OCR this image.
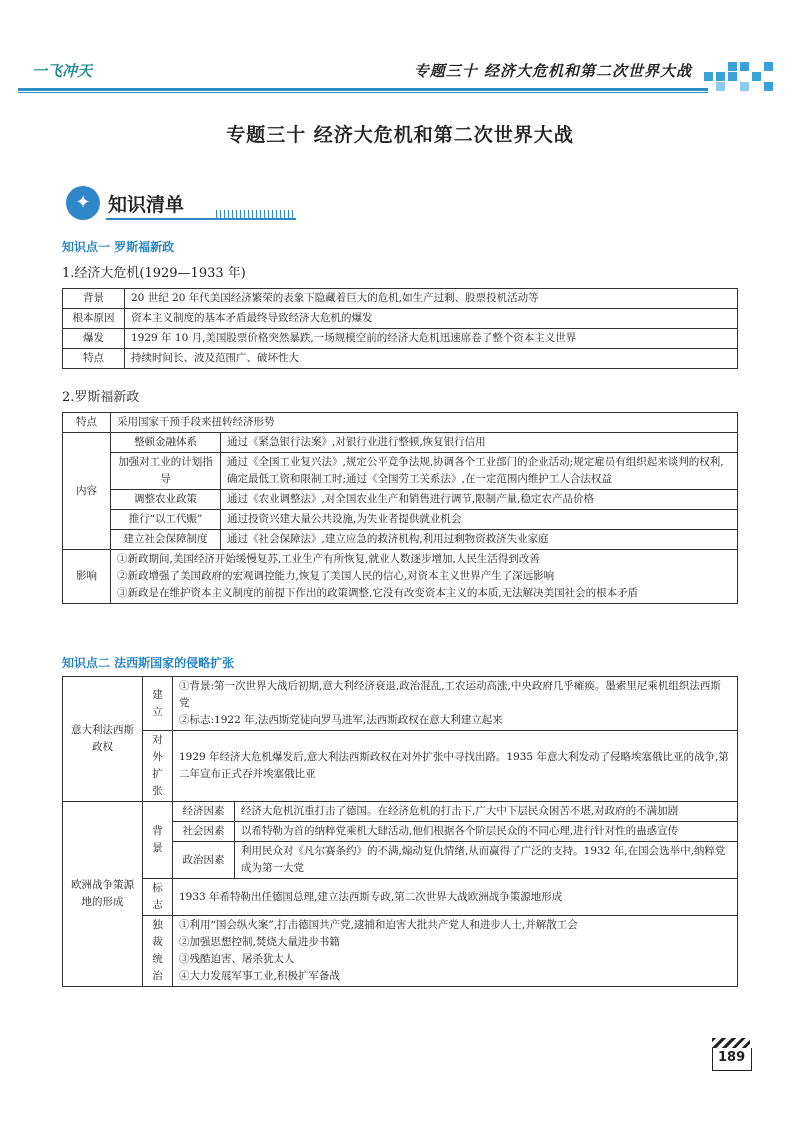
一飞冲天	专题三十 经济大危机和第二次世界大战
专题三十 经济大危机和第二次世界大战
✦ 知识清单
知识点一 罗斯福新政
1.经济大危机(1929—1933 年)
背景	20 世纪 20 年代美国经济繁荣的表象下隐藏着巨大的危机,如生产过剩、股票投机活动等
根本原因	资本主义制度的基本矛盾最终导致经济大危机的爆发
爆发	1929 年 10 月,美国股票价格突然暴跌,一场规模空前的经济大危机迅速席卷了整个资本主义世界
特点	持续时间长、波及范围广、破坏性大
2.罗斯福新政
特点	采用国家干预手段来扭转经济形势	
内容	整顿金融体系	通过《紧急银行法案》,对银行业进行整顿,恢复银行信用
	加强对工业的计划指导	通过《全国工业复兴法》,规定公平竞争法规,协调各个工业部门的企业活动;规定雇员有组织起来谈判的权利,确定最低工资和限制工时;通过《全国劳工关系法》,在一定范围内维护工人合法权益
	调整农业政策	通过《农业调整法》,对全国农业生产和销售进行调节,限制产量,稳定农产品价格
	推行“以工代赈”	通过投资兴建大量公共设施,为失业者提供就业机会
	建立社会保障制度	通过《社会保障法》,建立应急的救济机构,利用过剩物资救济失业家庭
影响	①新政期间,美国经济开始缓慢复苏,工业生产有所恢复,就业人数逐步增加,人民生活得到改善
②新政增强了美国政府的宏观调控能力,恢复了美国人民的信心,对资本主义世界产生了深远影响
③新政是在维护资本主义制度的前提下作出的政策调整,它没有改变资本主义的本质,无法解决美国社会的根本矛盾	
知识点二 法西斯国家的侵略扩张
意大利法西斯政权	建立	①背景:第一次世界大战后初期,意大利经济衰退,政治混乱,工农运动高涨,中央政府几乎瘫痪。墨索里尼乘机组织法西斯党
②标志:1922 年,法西斯党徒向罗马进军,法西斯政权在意大利建立起来	

	对外扩张	1929 年经济大危机爆发后,意大利法西斯政权在对外扩张中寻找出路。1935 年意大利发动了侵略埃塞俄比亚的战争,第二年宣布正式吞并埃塞俄比亚	
欧洲战争策源地的形成	背景	经济因素	经济大危机沉重打击了德国。在经济危机的打击下,广大中下层民众困苦不堪,对政府的不满加剧
		社会因素	以希特勒为首的纳粹党乘机大肆活动,他们根据各个阶层民众的不同心理,进行针对性的蛊惑宣传
		政治因素	利用民众对《凡尔赛条约》的不满,煽动复仇情绪,从而赢得了广泛的支持。1932 年,在国会选举中,纳粹党成为第一大党
	标志	1933 年希特勒出任德国总理,建立法西斯专政,第二次世界大战欧洲战争策源地形成	
	独裁统治	①利用“国会纵火案”,打击德国共产党,逮捕和迫害大批共产党人和进步人士,并解散工会
②加强思想控制,焚烧大量进步书籍
③残酷迫害、屠杀犹太人
④大力发展军事工业,积极扩军备战	
189
